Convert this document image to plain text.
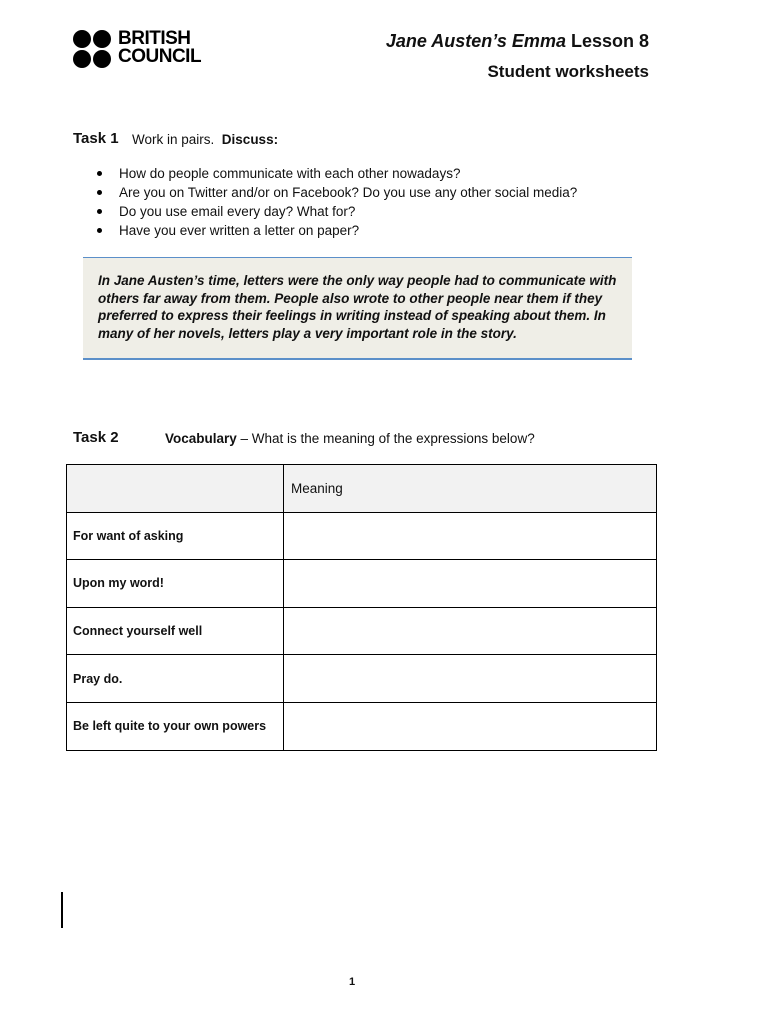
BRITISH
COUNCIL
Jane Austen’s Emma Lesson 8
Student worksheets
Task 1 Work in pairs. Discuss:
How do people communicate with each other nowadays?
Are you on Twitter and/or on Facebook? Do you use any other social media?
Do you use email every day? What for?
Have you ever written a letter on paper?

In Jane Austen’s time, letters were the only way people had to communicate with others far away from them. People also wrote to other people near them if they preferred to express their feelings in writing instead of speaking about them. In many of her novels, letters play a very important role in the story.

Task 2	Vocabulary – What is the meaning of the expressions below?
	Meaning
For want of asking	
Upon my word!	
Connect yourself well	
Pray do.	
Be left quite to your own powers	
1
